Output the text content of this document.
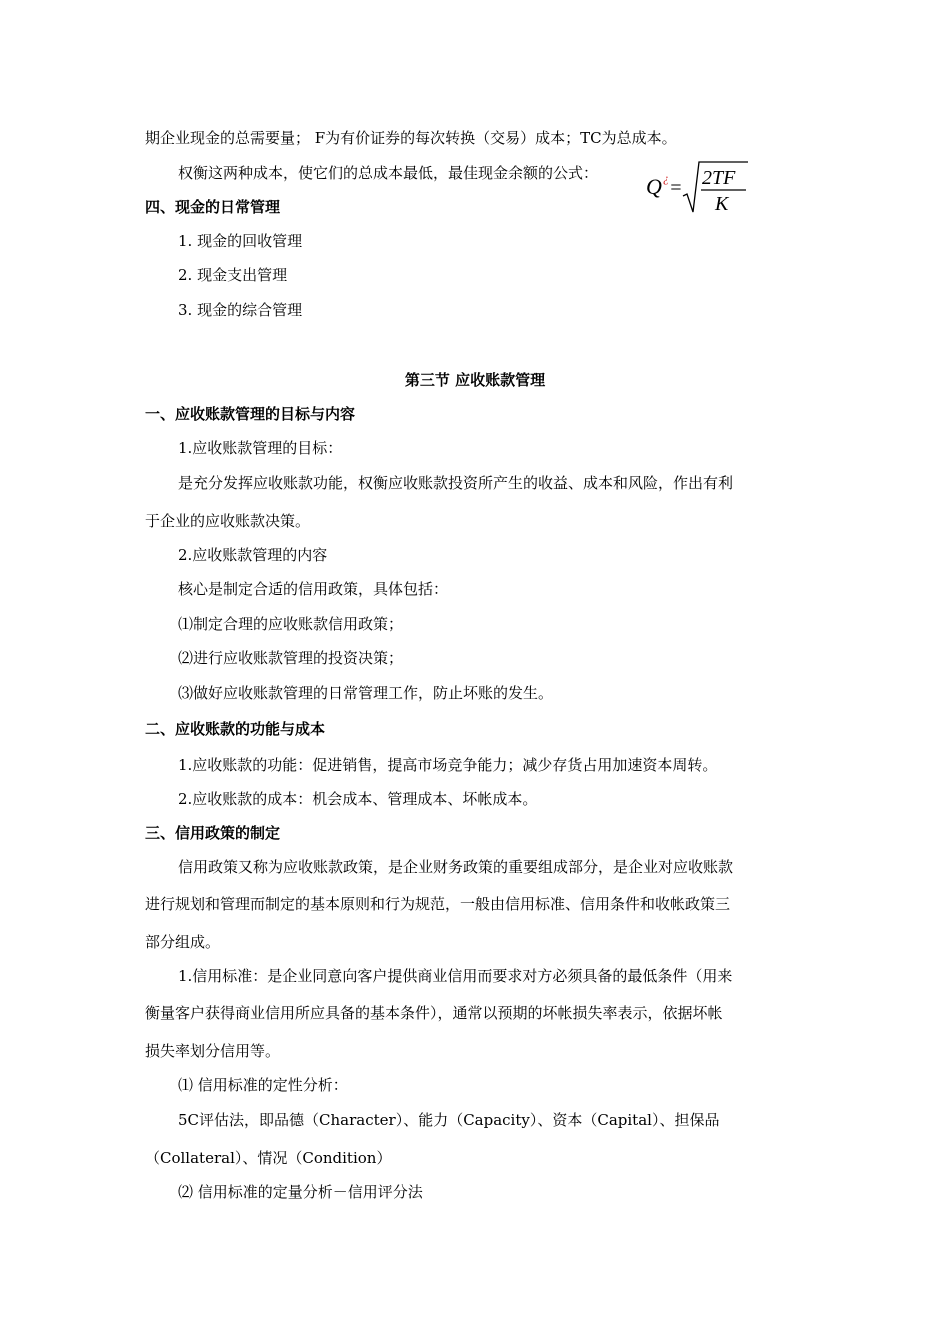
期企业现金的总需要量； F为有价证券的每次转换（交易）成本；TC为总成本。
权衡这两种成本，使它们的总成本最低，最佳现金余额的公式：
Q ¿ = 2TF
K
四、现金的日常管理
1. 现金的回收管理
2. 现金支出管理
3. 现金的综合管理
第三节 应收账款管理
一、应收账款管理的目标与内容
1.应收账款管理的目标：
是充分发挥应收账款功能，权衡应收账款投资所产生的收益、成本和风险，作出有利
于企业的应收账款决策。
2.应收账款管理的内容
核心是制定合适的信用政策，具体包括：
⑴制定合理的应收账款信用政策；
⑵进行应收账款管理的投资决策；
⑶做好应收账款管理的日常管理工作，防止坏账的发生。
二、应收账款的功能与成本
1.应收账款的功能：促进销售，提高市场竞争能力；减少存货占用加速资本周转。
2.应收账款的成本：机会成本、管理成本、坏帐成本。
三、信用政策的制定
信用政策又称为应收账款政策，是企业财务政策的重要组成部分，是企业对应收账款
进行规划和管理而制定的基本原则和行为规范，一般由信用标准、信用条件和收帐政策三
部分组成。
1.信用标准：是企业同意向客户提供商业信用而要求对方必须具备的最低条件（用来
衡量客户获得商业信用所应具备的基本条件），通常以预期的坏帐损失率表示，依据坏帐
损失率划分信用等。
⑴ 信用标准的定性分析：
5C评估法，即品德（Character）、能力（Capacity）、资本（Capital）、担保品
（Collateral）、情况（Condition）
⑵ 信用标准的定量分析－信用评分法
